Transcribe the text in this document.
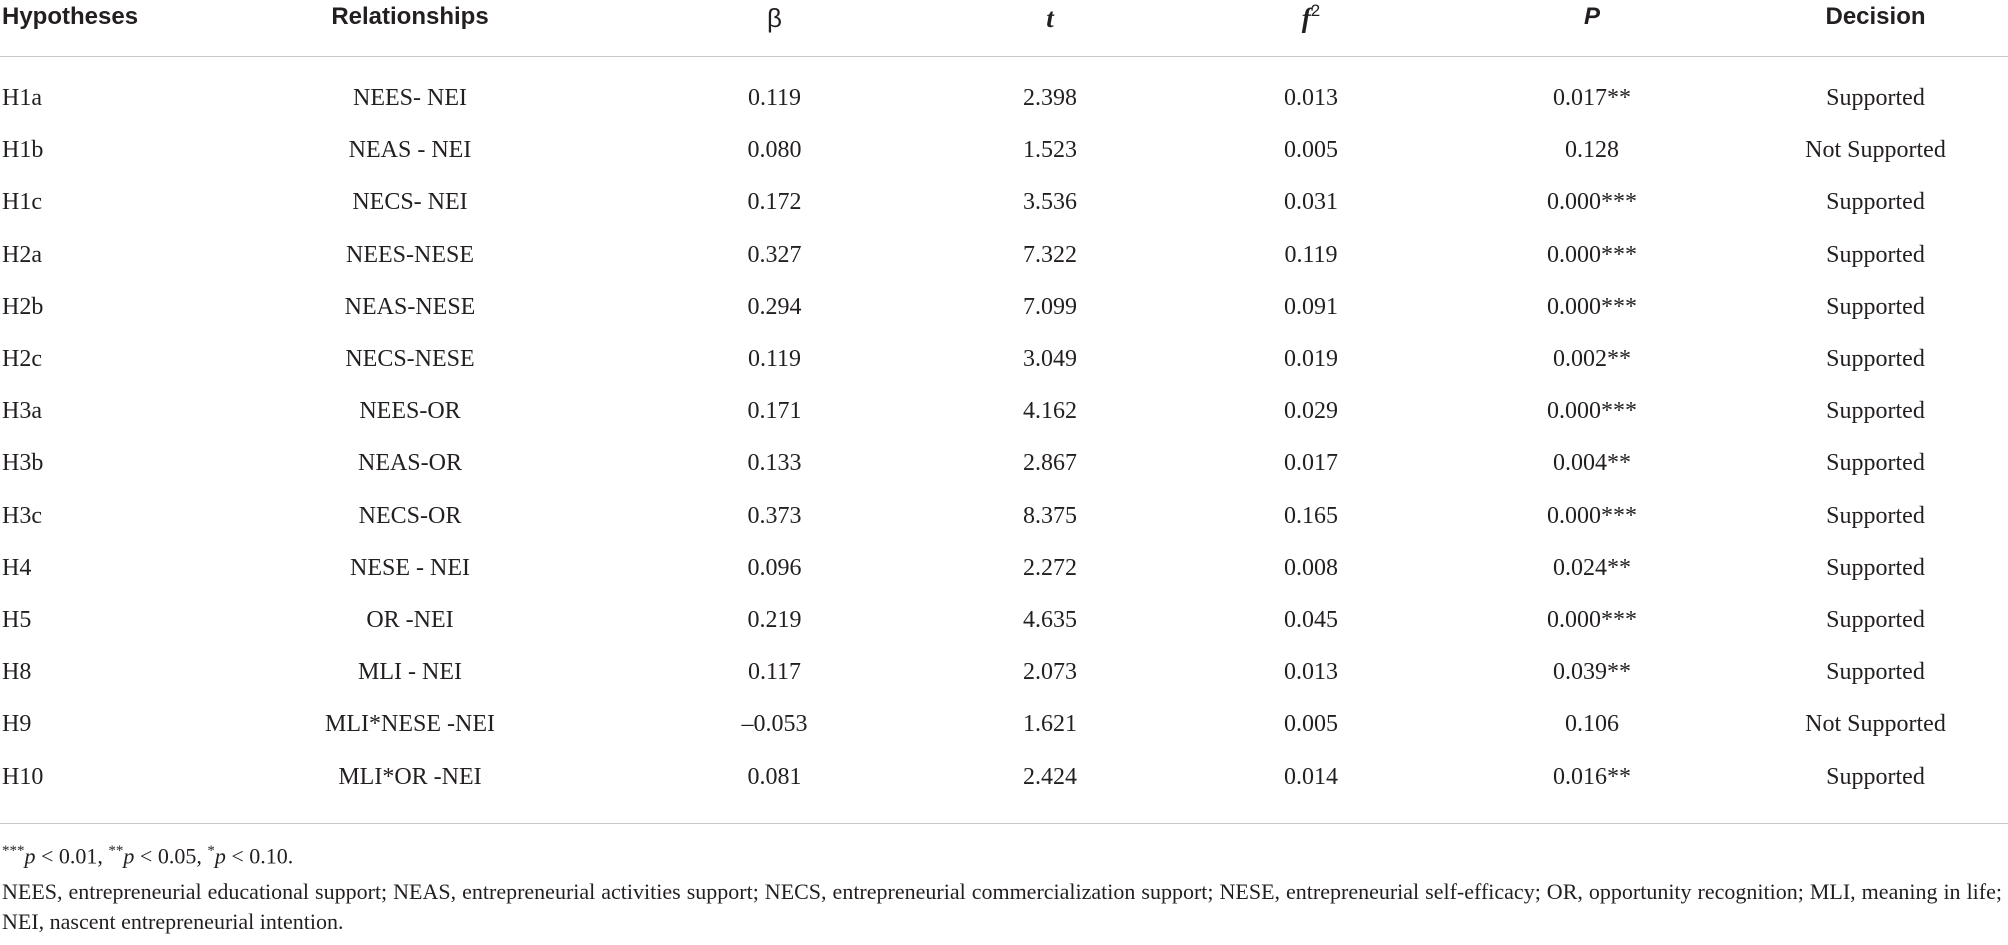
Hypotheses	Relationships	β	t	$f^2$	P	Decision

H1a	NEES- NEI	0.119	2.398	0.013	0.017**	Supported
H1b	NEAS - NEI	0.080	1.523	0.005	0.128	Not Supported
H1c	NECS- NEI	0.172	3.536	0.031	0.000***	Supported
H2a	NEES-NESE	0.327	7.322	0.119	0.000***	Supported
H2b	NEAS-NESE	0.294	7.099	0.091	0.000***	Supported
H2c	NECS-NESE	0.119	3.049	0.019	0.002**	Supported
H3a	NEES-OR	0.171	4.162	0.029	0.000***	Supported
H3b	NEAS-OR	0.133	2.867	0.017	0.004**	Supported
H3c	NECS-OR	0.373	8.375	0.165	0.000***	Supported
H4	NESE - NEI	0.096	2.272	0.008	0.024**	Supported
H5	OR -NEI	0.219	4.635	0.045	0.000***	Supported
H8	MLI - NEI	0.117	2.073	0.013	0.039**	Supported
H9	MLI*NESE -NEI	–0.053	1.621	0.005	0.106	Not Supported
H10	MLI*OR -NEI	0.081	2.424	0.014	0.016**	Supported

***p < 0.01, **p < 0.05, *p < 0.10.

NEES, entrepreneurial educational support; NEAS, entrepreneurial activities support; NECS, entrepreneurial commercialization support; NESE, entrepreneurial self-efficacy; OR, opportunity recognition; MLI, meaning in life; NEI, nascent entrepreneurial intention.
